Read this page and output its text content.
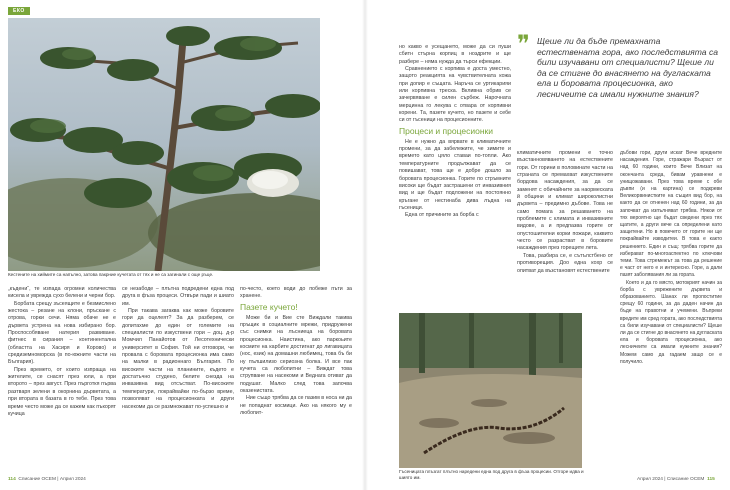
ЕКО
Кестените на хиймите са напълно, затова пакрние кучетата от тях и не са загинали с още ръце.

„къдени“, те изпада огромни количества кисела и уврежда сухо белени и черни бор.

Борбата срещу зъсеящите е безмислено жестока – резане на клони, пръскане с отрова, горки сечи. Няма обаче не е дървета устрена на нова избирано бор. Проспособяване натерия развиване. фитнес в сирания – континентална (областта на Хасиря и Корово) и средиземноморска (в по-южните части на България).

През времето, от които изпраща на жителите, се снасят през юли, а при второто – през август. През пърготкя първа разтваря зелени в окорнина дърветата, а при втората в базата в го тебе. През това време често може да се кажем как пъкорят кучица

се незабоде – плътна подредени една под друга в фъза процеси. Отвъри пади и шиато им.

При такава загаква как може боровите гори да оцелеят? За да разберем, се допитахме до един от големите на специалисти по изкуствени гори – доц. д-р Момчил Панайотов от Лесотехнически университет в София. Той ни отговори, че провала с боровата процесионка има само на малки в радионнаго България. По високите части на планините, където е достатъчно студено, белите снезда на инвазивна вид отсъстват. По-високите температури, покрайвайки по-бързо време, позволяват на процесионката и други насекоми да се размножават по-успешно и

по-често, което води до побеже пъти за хранене.

Пазете кучето!

Може би и Вие сте Виждали такива пръщик в социалните мрежи, придружени със снимки на лъсниеца на боровата процесионка. Наистина, ако паркоьите космите на карбите достигнат до лигавицата (нос, език) на домашни любимец, това бъ би ну пълшилизо сериозна болка. И все пак кучета са любопитни – Виждат това струпване на насекоми и Веднага отиват да подушат. Малко след това започва оказенистата.

Ние също трябва да се пазим в носа ни да не попаднат космици. Ако на някого му е любопит-

114 Списание ОСЕМ | Април 2024

но какво е усещането, може да си пуши сбитн стърна корпиц в ноздрите и ще разбере – няма нужда да търси ефекции.

Сравнението с корпива е доста уместно, защото реакцията на чувствителната кожа при допир е същата. Наръча се уртикарияи или корпивна треска. Вкливна обрив се зачервяване е силен сърбеж. Нарочната мерцинна го лекува с отвара от корпивни корени. Та, пазете кучето, но пазете и себе си от гъсеници на процесионните.

Процеси и процесионки

Не е нужно да вярвате в климатичните промени, за да забележите, че зимите и времето като цяло ставаи по-топли. Ако температурните продължават да се повишават, това ще е добре дошло за боровата процесионка. Горите по стръмните високи ще бъдат застрашени от инвазивния вид и ще бъдат подложени на постоянно кръгане от нестинаба дива лъдна на гъсеници.

Една от причините за борба с

❞ Щеше ли да бъде премахната естествената гора, ако последствията са били изучавани от специалисти? Щеше ли да се стигне до внасянето на дугласката ела и боровата процесионка, ако лесничеите са имали нужните знания?

климатичните промени е точно възстанновяването на естествените гори. От горини в половинате части на страната се премахват изкуствените бордова насаждения, за да се заменят с обичайните за наормеската й общини и климат широколистни дървета – предимно дъбове. Това не само помага за решаването на проблемите с климата и инвазивните видове, а и предпазва горите от опустошителни корки пожари, каквито често се разрастват в боровите насаждения през горещите лета.

Това, разбира се, е сътълстбено от противорещия. Доо една кохр се опитват да възстановят естествените

дъбови гори, други искат Вече вредните насаждения. Горе, стражари Възраст от над 60 години, които Вече Влизат на окончанта среда, бивам уравнени е унищожавани. През това време с обе дъвпи (и на картина) се подкреви Великорвинистките на същия вид бор, на както да се отненен над 60 години, за да започват да изпълняват трябва. Някои от тях вероятно ще бъдат сведени през тях щатите, а други вече са определени като защитени. Но в повечето от горите ни ще покрайвайте изводитеи. В това е както решението. Един и същ: трябва горите да изберават по-многоаспектно по ключови теми. Това стремежът за това да решение е част от него е и интересно. Горе, а дали пазят заболявания ли за гората.

Което и да го място, мотокрият начин за борба с уврежените дървета и образованието. Шанах ли пропоститие срещу 60 години, за да даден начин да бъде на правотни и учемени. Въпреки вредите им сред гората, ако последствията са били изучавани от специалисти? Щеше ли да се стигне до внасянето на дугласката ела и боровата процесионка, ако лесничеите са имали нужните знания? Можем само да гадаем защо се е получило.

Гъсеницата плъзгат плътно наредени една под друга в фъза процесии. Отгоре идва и шиято им.	Април 2024 | Списание ОСЕМ 115
